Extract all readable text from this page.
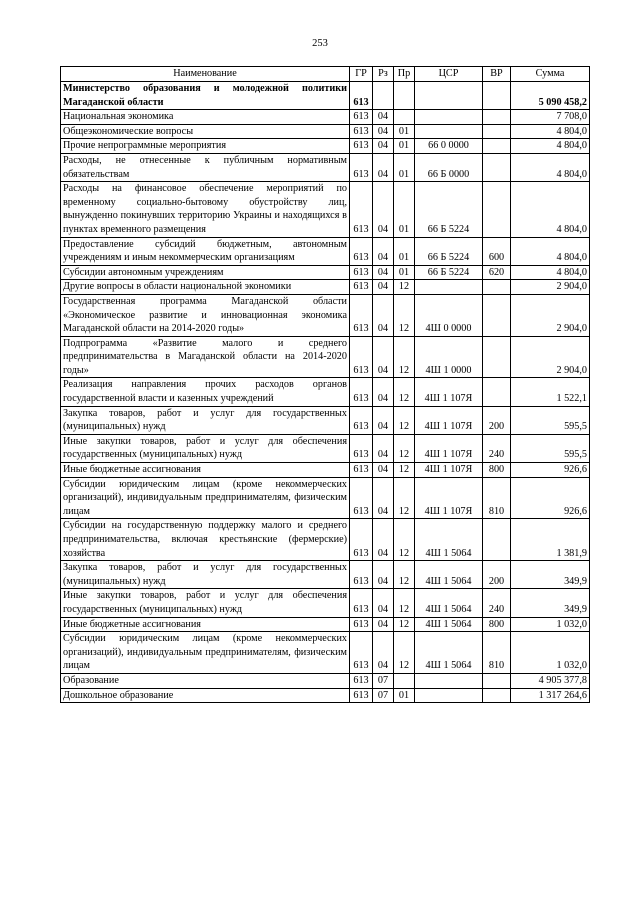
253
Наименование	ГР	Рз	Пр	ЦСР	ВР	Сумма
Министерство образования и молодежной политики Магаданской области	613					5 090 458,2
Национальная экономика	613	04				7 708,0
Общеэкономические вопросы	613	04	01			4 804,0
Прочие непрограммные мероприятия	613	04	01	66 0 0000		4 804,0
Расходы, не отнесенные к публичным нормативным обязательствам	613	04	01	66 Б 0000		4 804,0
Расходы на финансовое обеспечение мероприятий по временному социально-бытовому обустройству лиц, вынужденно покинувших территорию Украины и находящихся в пунктах временного размещения	613	04	01	66 Б 5224		4 804,0
Предоставление субсидий бюджетным, автономным учреждениям и иным некоммерческим организациям	613	04	01	66 Б 5224	600	4 804,0
Субсидии автономным учреждениям	613	04	01	66 Б 5224	620	4 804,0
Другие вопросы в области национальной экономики	613	04	12			2 904,0
Государственная программа Магаданской области «Экономическое развитие и инновационная экономика Магаданской области на 2014-2020 годы»	613	04	12	4Ш 0 0000		2 904,0
Подпрограмма «Развитие малого и среднего предпринимательства в Магаданской области на 2014-2020 годы»	613	04	12	4Ш 1 0000		2 904,0
Реализация направления прочих расходов органов государственной власти и казенных учреждений	613	04	12	4Ш 1 107Я		1 522,1
Закупка товаров, работ и услуг для государственных (муниципальных) нужд	613	04	12	4Ш 1 107Я	200	595,5
Иные закупки товаров, работ и услуг для обеспечения государственных (муниципальных) нужд	613	04	12	4Ш 1 107Я	240	595,5
Иные бюджетные ассигнования	613	04	12	4Ш 1 107Я	800	926,6
Субсидии юридическим лицам (кроме некоммерческих организаций), индивидуальным предпринимателям, физическим лицам	613	04	12	4Ш 1 107Я	810	926,6
Субсидии на государственную поддержку малого и среднего предпринимательства, включая крестьянские (фермерские) хозяйства	613	04	12	4Ш 1 5064		1 381,9
Закупка товаров, работ и услуг для государственных (муниципальных) нужд	613	04	12	4Ш 1 5064	200	349,9
Иные закупки товаров, работ и услуг для обеспечения государственных (муниципальных) нужд	613	04	12	4Ш 1 5064	240	349,9
Иные бюджетные ассигнования	613	04	12	4Ш 1 5064	800	1 032,0
Субсидии юридическим лицам (кроме некоммерческих организаций), индивидуальным предпринимателям, физическим лицам	613	04	12	4Ш 1 5064	810	1 032,0
Образование	613	07				4 905 377,8
Дошкольное образование	613	07	01			1 317 264,6
